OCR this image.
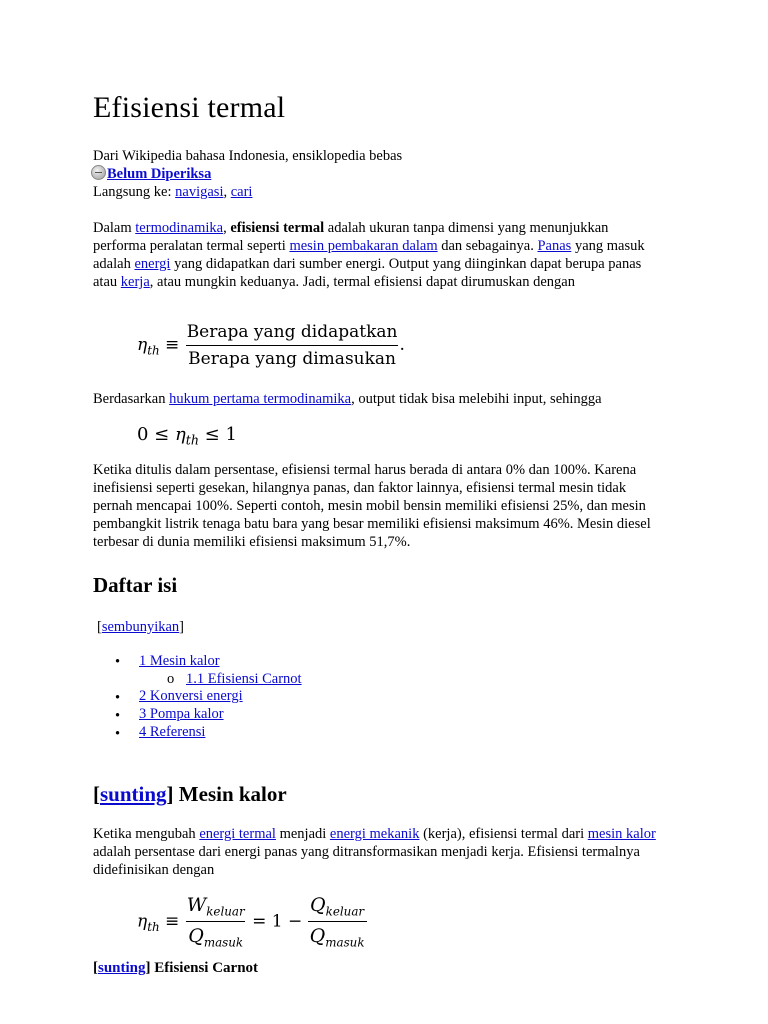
Efisiensi termal
Dari Wikipedia bahasa Indonesia, ensiklopedia bebas
Belum Diperiksa
Langsung ke: navigasi, cari
Dalam termodinamika, efisiensi termal adalah ukuran tanpa dimensi yang menunjukkan performa peralatan termal seperti mesin pembakaran dalam dan sebagainya. Panas yang masuk adalah energi yang didapatkan dari sumber energi. Output yang diinginkan dapat berupa panas atau kerja, atau mungkin keduanya. Jadi, termal efisiensi dapat dirumuskan dengan
$\eta_{th} \equiv \frac{\text{Berapa yang didapatkan}}{\text{Berapa yang dimasukan}}$ .
Berdasarkan hukum pertama termodinamika, output tidak bisa melebihi input, sehingga
$0 \le \eta_{th} \le 1$
Ketika ditulis dalam persentase, efisiensi termal harus berada di antara 0% dan 100%. Karena inefisiensi seperti gesekan, hilangnya panas, dan faktor lainnya, efisiensi termal mesin tidak pernah mencapai 100%. Seperti contoh, mesin mobil bensin memiliki efisiensi 25%, dan mesin pembangkit listrik tenaga batu bara yang besar memiliki efisiensi maksimum 46%. Mesin diesel terbesar di dunia memiliki efisiensi maksimum 51,7%.
Daftar isi
[sembunyikan]
• 1 Mesin kalor
o 1.1 Efisiensi Carnot
• 2 Konversi energi
• 3 Pompa kalor
• 4 Referensi
[sunting] Mesin kalor
Ketika mengubah energi termal menjadi energi mekanik (kerja), efisiensi termal dari mesin kalor adalah persentase dari energi panas yang ditransformasikan menjadi kerja. Efisiensi termalnya didefinisikan dengan
$\eta_{th} \equiv \frac{W_{keluar}}{Q_{masuk}} = 1 - \frac{Q_{keluar}}{Q_{masuk}}$
[sunting] Efisiensi Carnot
